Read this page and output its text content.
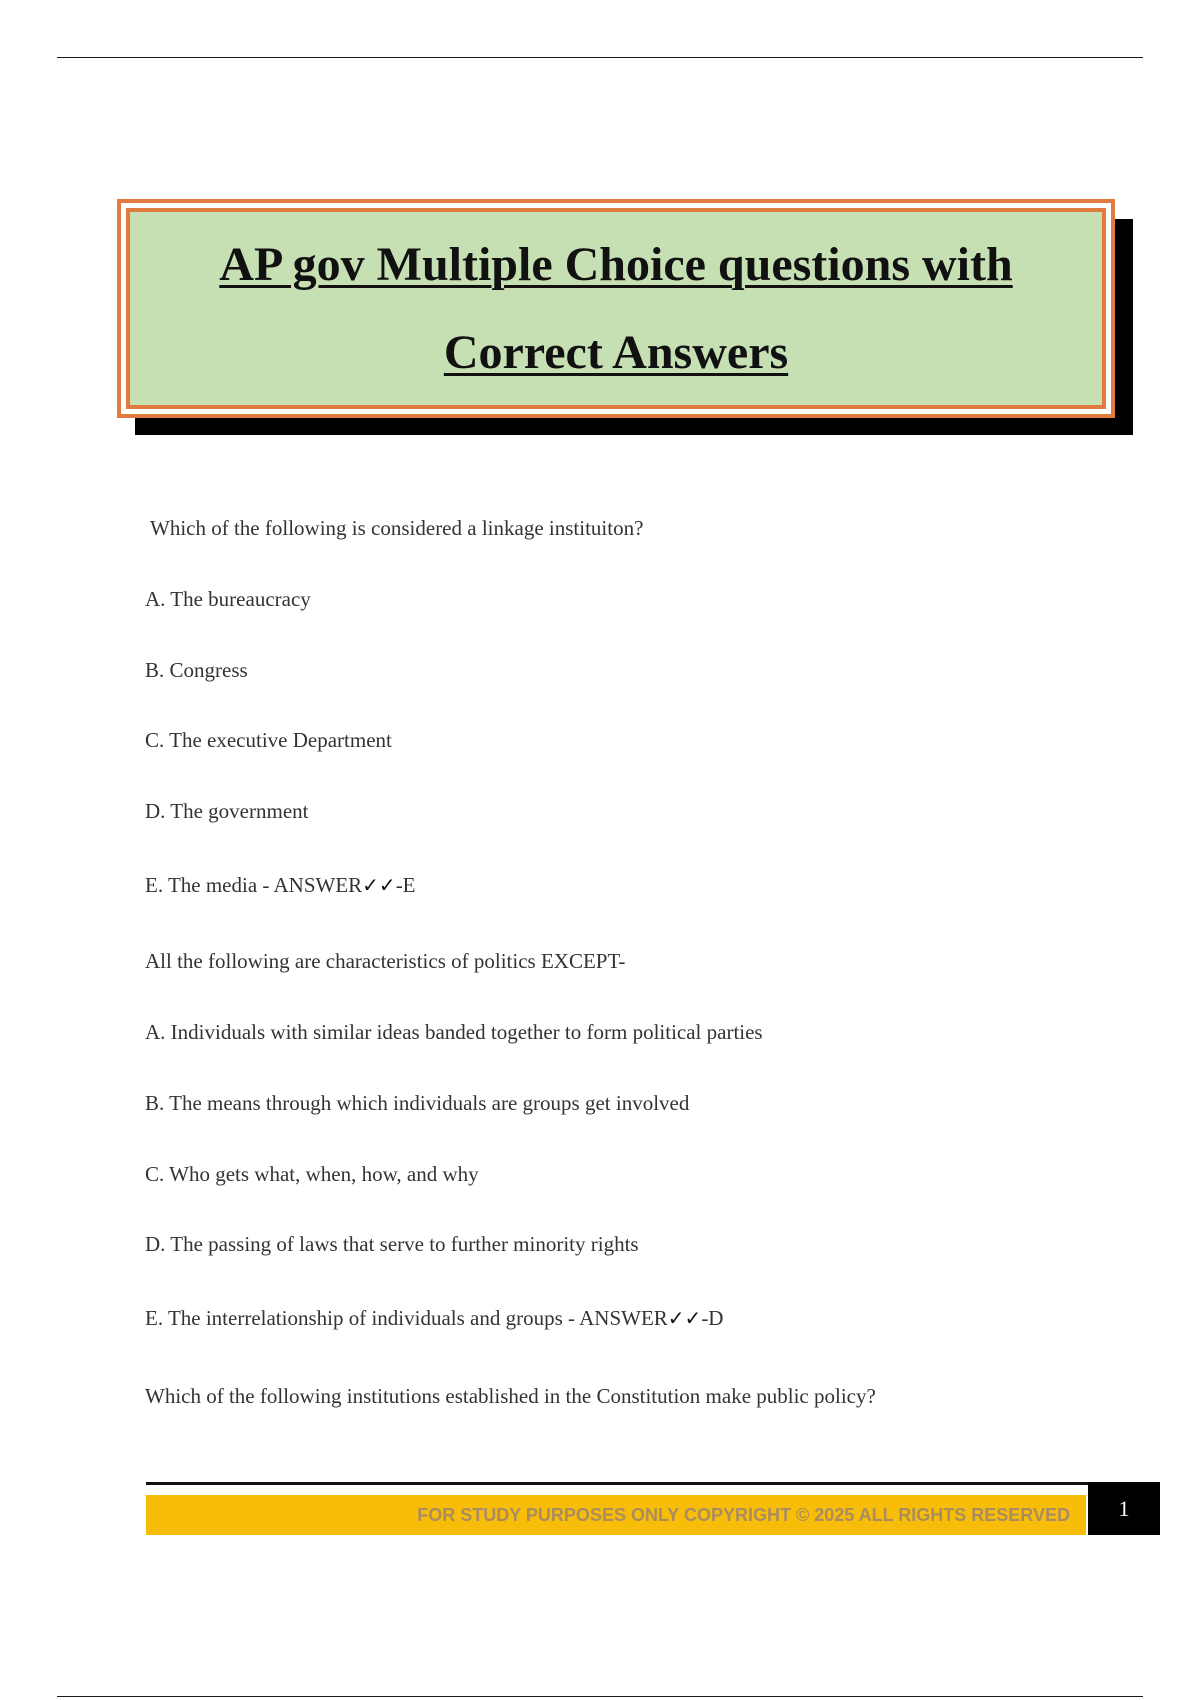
AP gov Multiple Choice questions with
Correct Answers
Which of the following is considered a linkage instituiton?
A. The bureaucracy
B. Congress
C. The executive Department
D. The government
E. The media - ANSWER✓✓-E
All the following are characteristics of politics EXCEPT-
A. Individuals with similar ideas banded together to form political parties
B. The means through which individuals are groups get involved
C. Who gets what, when, how, and why
D. The passing of laws that serve to further minority rights
E. The interrelationship of individuals and groups - ANSWER✓✓-D
Which of the following institutions established in the Constitution make public policy?
FOR STUDY PURPOSES ONLY COPYRIGHT © 2025 ALL RIGHTS RESERVED	1
